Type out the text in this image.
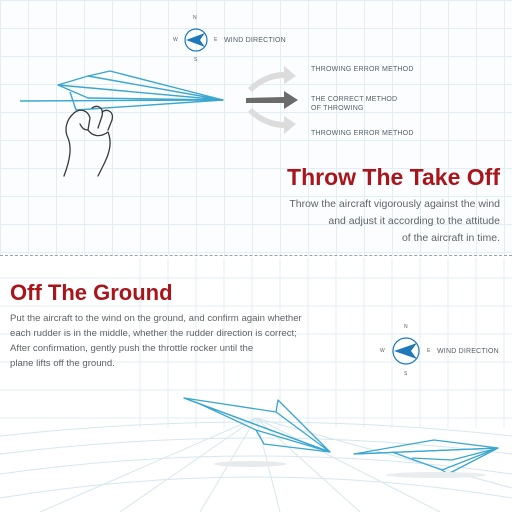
N
E
S
W	WIND DIRECTION
THROWING ERROR METHOD
THE CORRECT METHOD
OF THROWING
THROWING ERROR METHOD
Throw The Take Off
Throw the aircraft vigorously against the wind
and adjust it according to the attitude
of the aircraft in time.
Off The Ground
Put the aircraft to the wind on the ground, and confirm again whether
each rudder is in the middle, whether the rudder direction is correct;
After confirmation, gently push the throttle rocker until the
plane lifts off the ground.
N
E
S
W	WIND DIRECTION
